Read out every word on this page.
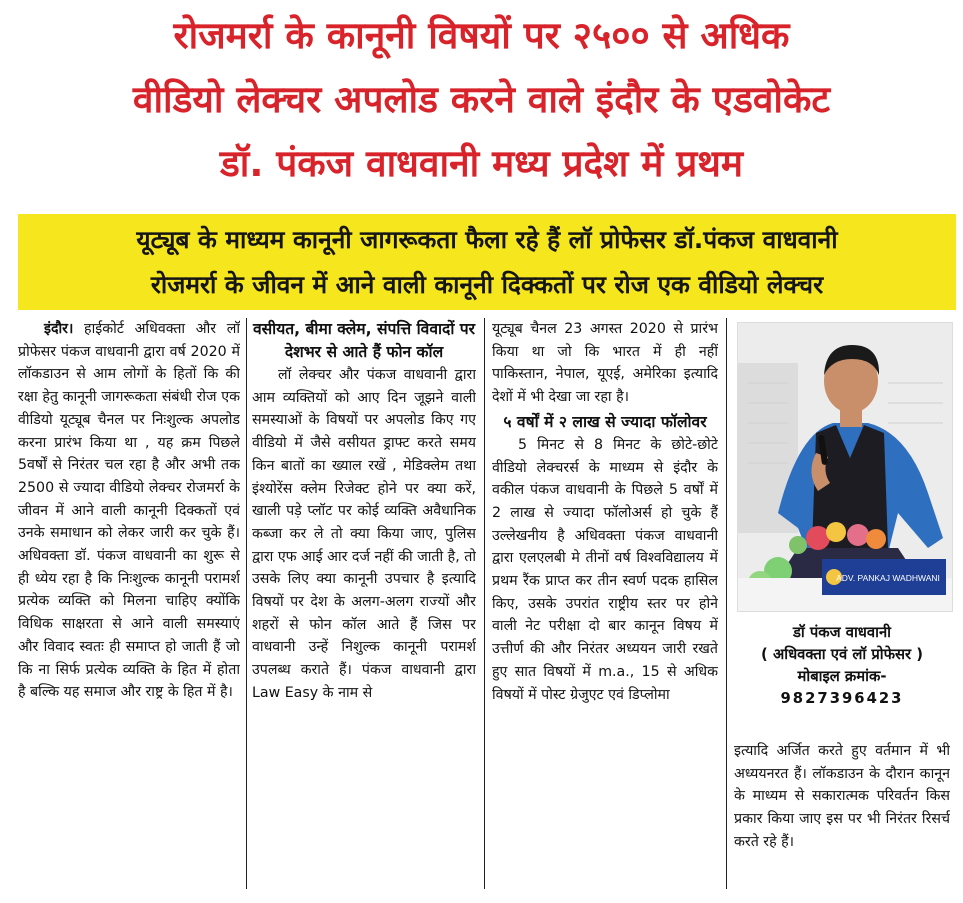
रोजमर्रा के कानूनी विषयों पर २५०० से अधिक
वीडियो लेक्चर अपलोड करने वाले इंदौर के एडवोकेट
डॉ. पंकज वाधवानी मध्य प्रदेश में प्रथम
यूट्यूब के माध्यम कानूनी जागरूकता फैला रहे हैं लॉ प्रोफेसर डॉ.पंकज वाधवानी
रोजमर्रा के जीवन में आने वाली कानूनी दिक्कतों पर रोज एक वीडियो लेक्चर

इंदौर। हाईकोर्ट अधिवक्ता और लॉ प्रोफेसर पंकज वाधवानी द्वारा वर्ष 2020 में लॉकडाउन से आम लोगों के हितों कि की रक्षा हेतु कानूनी जागरूकता संबंधी रोज एक वीडियो यूट्यूब चैनल पर निःशुल्क अपलोड करना प्रारंभ किया था , यह क्रम पिछले 5वर्षों से निरंतर चल रहा है और अभी तक 2500 से ज्यादा वीडियो लेक्चर रोजमर्रा के जीवन में आने वाली कानूनी दिक्कतों एवं उनके समाधान को लेकर जारी कर चुके हैं। अधिवक्ता डॉ. पंकज वाधवानी का शुरू से ही ध्येय रहा है कि निःशुल्क कानूनी परामर्श प्रत्येक व्यक्ति को मिलना चाहिए क्योंकि विधिक साक्षरता से आने वाली समस्याएं और विवाद स्वतः ही समाप्त हो जाती हैं जो कि ना सिर्फ प्रत्येक व्यक्ति के हित में होता है बल्कि यह समाज और राष्ट्र के हित में है।

वसीयत, बीमा क्लेम, संपत्ति विवादों पर देशभर से आते हैं फोन कॉल

लॉ लेक्चर और पंकज वाधवानी द्वारा आम व्यक्तियों को आए दिन जूझने वाली समस्याओं के विषयों पर अपलोड किए गए वीडियो में जैसे वसीयत ड्राफ्ट करते समय किन बातों का ख्याल रखें , मेडिक्लेम तथा इंश्योरेंस क्लेम रिजेक्ट होने पर क्या करें, खाली पड़े प्लॉट पर कोई व्यक्ति अवैधानिक कब्जा कर ले तो क्या किया जाए, पुलिस द्वारा एफ आई आर दर्ज नहीं की जाती है, तो उसके लिए क्या कानूनी उपचार है इत्यादि विषयों पर देश के अलग-अलग राज्यों और शहरों से फोन कॉल आते हैं जिस पर वाधवानी उन्हें निशुल्क कानूनी परामर्श उपलब्ध कराते हैं। पंकज वाधवानी द्वारा Law Easy के नाम से

यूट्यूब चैनल 23 अगस्त 2020 से प्रारंभ किया था जो कि भारत में ही नहीं पाकिस्तान, नेपाल, यूएई, अमेरिका इत्यादि देशों में भी देखा जा रहा है।

५ वर्षों में २ लाख से ज्यादा फॉलोवर

5 मिनट से 8 मिनट के छोटे-छोटे वीडियो लेक्चरर्स के माध्यम से इंदौर के वकील पंकज वाधवानी के पिछले 5 वर्षों में 2 लाख से ज्यादा फॉलोअर्स हो चुके हैं उल्लेखनीय है अधिवक्ता पंकज वाधवानी द्वारा एलएलबी मे तीनों वर्ष विश्वविद्यालय में प्रथम रैंक प्राप्त कर तीन स्वर्ण पदक हासिल किए, उसके उपरांत राष्ट्रीय स्तर पर होने वाली नेट परीक्षा दो बार कानून विषय में उत्तीर्ण की और निरंतर अध्ययन जारी रखते हुए सात विषयों में m.a., 15 से अधिक विषयों में पोस्ट ग्रेजुएट एवं डिप्लोमा

ADV. PANKAJ WADHWANI
डॉ पंकज वाधवानी
( अधिवक्ता एवं लॉ प्रोफेसर )
मोबाइल क्रमांक-
9827396423

इत्यादि अर्जित करते हुए वर्तमान में भी अध्ययनरत हैं। लॉकडाउन के दौरान कानून के माध्यम से सकारात्मक परिवर्तन किस प्रकार किया जाए इस पर भी निरंतर रिसर्च करते रहे हैं।
